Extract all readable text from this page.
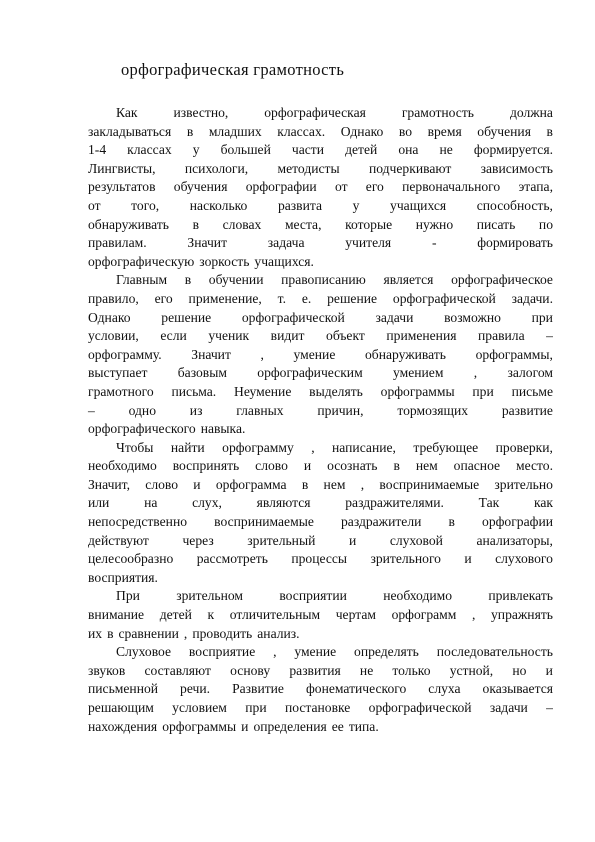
орфографическая грамотность
Как	известно,	орфографическая	грамотность	должна
закладываться в младших классах. Однако во время обучения в
1-4 классах у большей части детей она не формируется.
Лингвисты, психологи, методисты подчеркивают зависимость
результатов обучения орфографии от его первоначального этапа,
от того, насколько развита у учащихся способность,
обнаруживать в словах места, которые нужно писать по
правилам.	Значит	задача	учителя	-	формировать
орфографическую зоркость учащихся.
Главным в обучении правописанию является орфографическое
правило, его применение, т. е. решение орфографической задачи.
Однако решение орфографической задачи возможно при
условии, если ученик видит объект применения правила –
орфограмму. Значит , умение обнаруживать орфограммы,
выступает базовым орфографическим умением , залогом
грамотного письма. Неумение выделять орфограммы при письме
– одно из главных причин, тормозящих развитие
орфографического навыка.
Чтобы найти орфограмму , написание, требующее проверки,
необходимо воспринять слово и осознать в нем опасное место.
Значит, слово и орфограмма в нем , воспринимаемые зрительно
или	на	слух,	являются	раздражителями.	Так	как
непосредственно воспринимаемые раздражители в орфографии
действуют через зрительный и слуховой анализаторы,
целесообразно рассмотреть процессы зрительного и слухового
восприятия.
При	зрительном	восприятии	необходимо	привлекать
внимание детей к отличительным чертам орфограмм , упражнять
их в сравнении , проводить анализ.
Слуховое восприятие , умение определять последовательность
звуков составляют основу развития не только устной, но и
письменной речи. Развитие фонематического слуха оказывается
решающим условием при постановке орфографической задачи –
нахождения орфограммы и определения ее типа.
